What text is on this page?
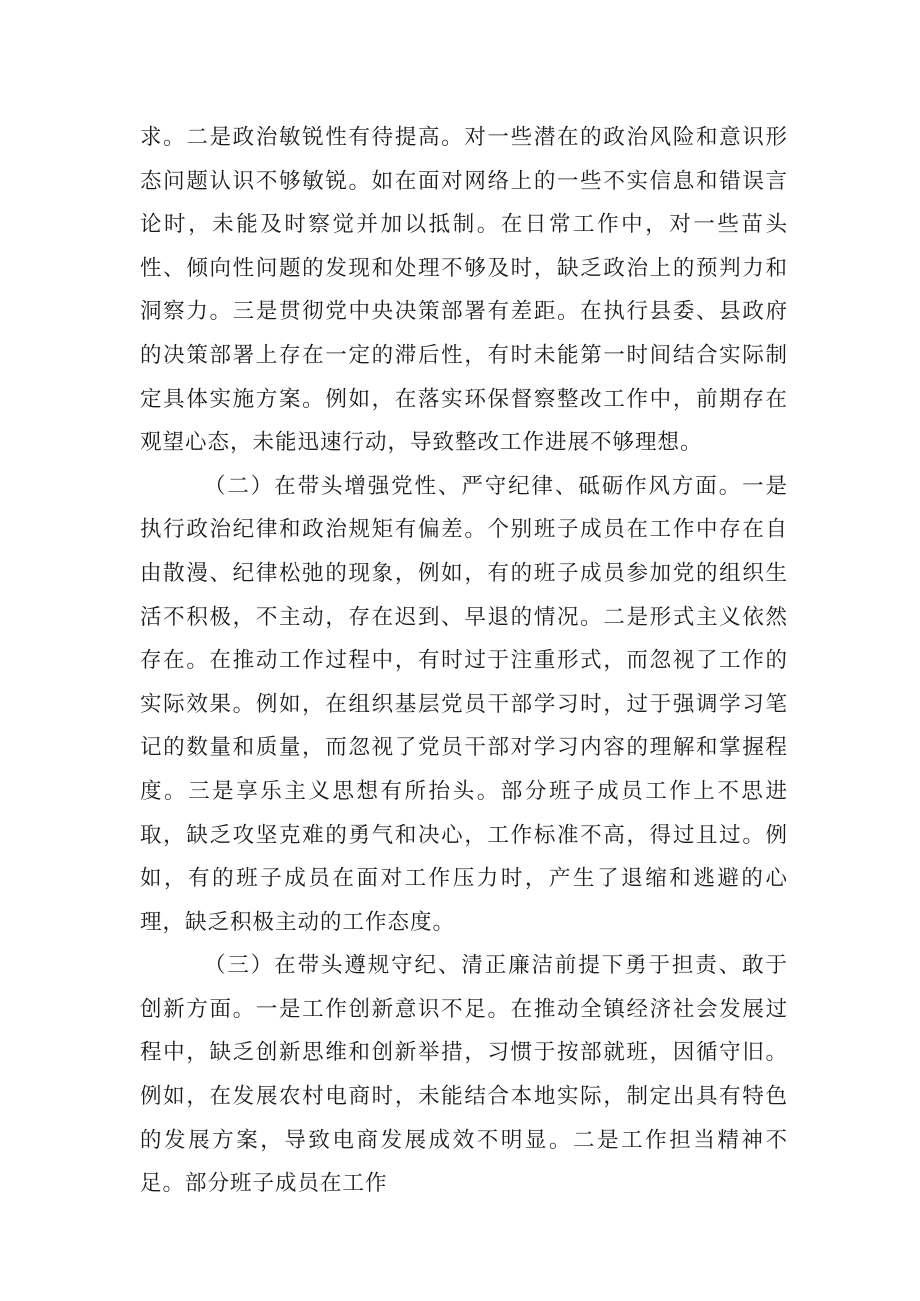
求。二是政治敏锐性有待提高。对一些潜在的政治风险和意识形态问题认识不够敏锐。如在面对网络上的一些不实信息和错误言论时，未能及时察觉并加以抵制。在日常工作中，对一些苗头性、倾向性问题的发现和处理不够及时，缺乏政治上的预判力和洞察力。三是贯彻党中央决策部署有差距。在执行县委、县政府的决策部署上存在一定的滞后性，有时未能第一时间结合实际制定具体实施方案。例如，在落实环保督察整改工作中，前期存在观望心态，未能迅速行动，导致整改工作进展不够理想。

（二）在带头增强党性、严守纪律、砥砺作风方面。一是执行政治纪律和政治规矩有偏差。个别班子成员在工作中存在自由散漫、纪律松弛的现象，例如，有的班子成员参加党的组织生活不积极，不主动，存在迟到、早退的情况。二是形式主义依然存在。在推动工作过程中，有时过于注重形式，而忽视了工作的实际效果。例如，在组织基层党员干部学习时，过于强调学习笔记的数量和质量，而忽视了党员干部对学习内容的理解和掌握程度。三是享乐主义思想有所抬头。部分班子成员工作上不思进取，缺乏攻坚克难的勇气和决心，工作标准不高，得过且过。例如，有的班子成员在面对工作压力时，产生了退缩和逃避的心理，缺乏积极主动的工作态度。

（三）在带头遵规守纪、清正廉洁前提下勇于担责、敢于创新方面。一是工作创新意识不足。在推动全镇经济社会发展过程中，缺乏创新思维和创新举措，习惯于按部就班，因循守旧。例如，在发展农村电商时，未能结合本地实际，制定出具有特色的发展方案，导致电商发展成效不明显。二是工作担当精神不足。部分班子成员在工作
